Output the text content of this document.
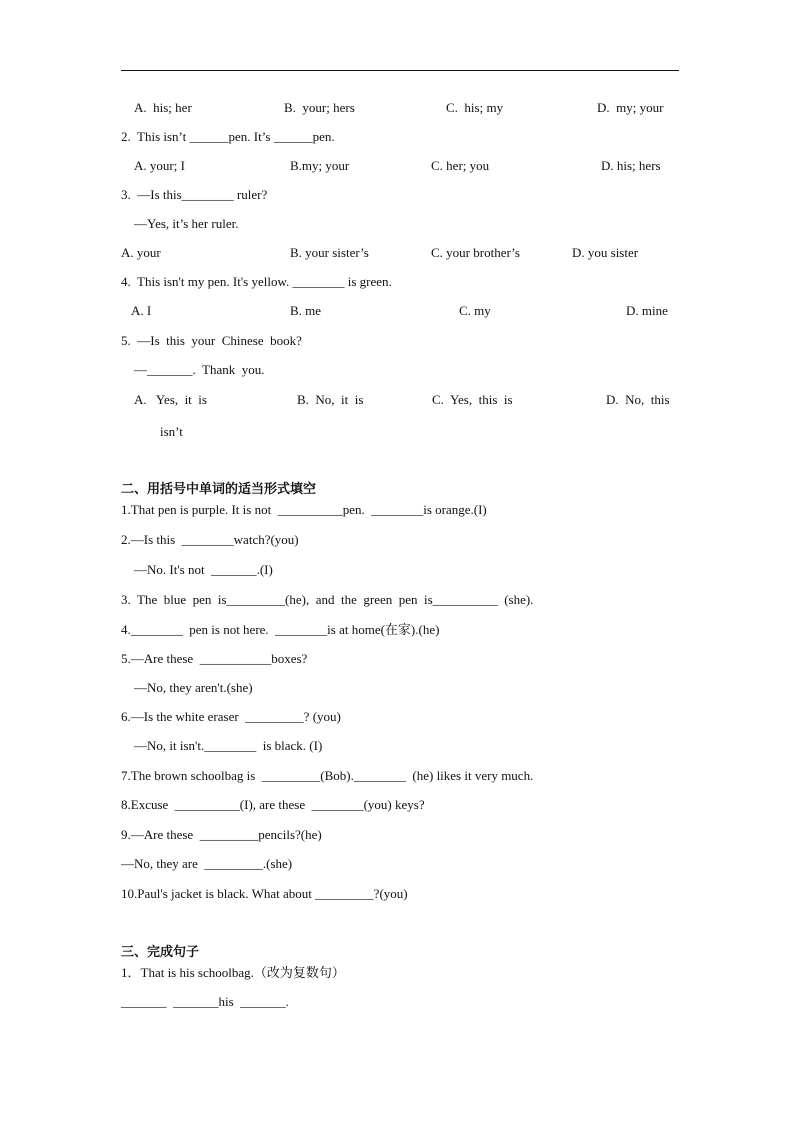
A.  his; her	B.  your; hers	C.  his; my	D.  my; your
2.  This isn’t ______pen. It’s ______pen.
A. your; I	B.my; your	C. her; you	D. his; hers
3.  —Is this________ ruler?
—Yes, it’s her ruler.
A. your	B. your sister’s	C. your brother’s	D. you sister
4.  This isn't my pen. It's yellow. ________ is green.
A. I	B. me	C. my	D. mine
5.  —Is  this  your  Chinese  book?
—_______.  Thank  you.
A.   Yes,  it  is	B.  No,  it  is	C.  Yes,  this  is	D.  No,  this
isn’t
二、用括号中单词的适当形式填空
1.That pen is purple. It is not  __________pen.  ________is orange.(I)
2.—Is this  ________watch?(you)
—No. It's not  _______.(I)
3.  The  blue  pen  is_________(he),  and  the  green  pen  is__________  (she).
4.________  pen is not here.  ________is at home(在家).(he)
5.—Are these  ___________boxes?
—No, they aren't.(she)
6.—Is the white eraser  _________? (you)
—No, it isn't.________  is black. (I)
7.The brown schoolbag is  _________(Bob).________  (he) likes it very much.
8.Excuse  __________(I), are these  ________(you) keys?
9.—Are these  _________pencils?(he)
—No, they are  _________.(she)
10.Paul's jacket is black. What about _________?(you)
三、完成句子
1．That is his schoolbag.（改为复数句）
_______  _______his  _______.
